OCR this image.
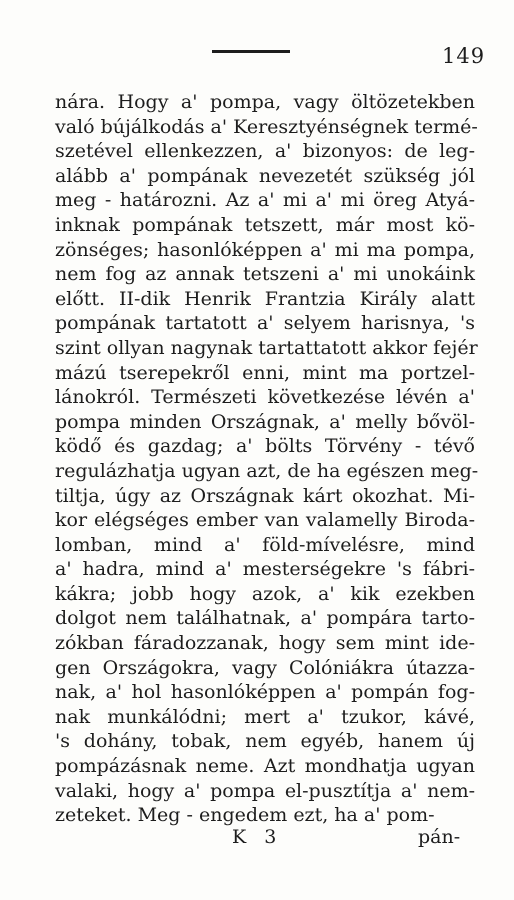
149
nára. Hogy a' pompa, vagy öltözetekben
való bújálkodás a' Keresztyénségnek termé-
szetével ellenkezzen, a' bizonyos: de leg-
alább a' pompának nevezetét szükség jól
meg - határozni. Az a' mi a' mi öreg Atyá-
inknak pompának tetszett, már most kö-
zönséges; hasonlóképpen a' mi ma pompa,
nem fog az annak tetszeni a' mi unokáink
előtt. II-dik Henrik Frantzia Király alatt
pompának tartatott a' selyem harisnya, 's
szint ollyan nagynak tartattatott akkor fejér
mázú tserepekről enni, mint ma portzel-
lánokról. Természeti következése lévén a'
pompa minden Országnak, a' melly bővöl-
ködő és gazdag; a' bölts Törvény - tévő
regulázhatja ugyan azt, de ha egészen meg-
tiltja, úgy az Országnak kárt okozhat. Mi-
kor elégséges ember van valamelly Biroda-
lomban, mind a' föld-mívelésre, mind
a' hadra, mind a' mesterségekre 's fábri-
kákra; jobb hogy azok, a' kik ezekben
dolgot nem találhatnak, a' pompára tarto-
zókban fáradozzanak, hogy sem mint ide-
gen Országokra, vagy Colóniákra útazza-
nak, a' hol hasonlóképpen a' pompán fog-
nak munkálódni; mert a' tzukor, kávé,
's dohány, tobak, nem egyéb, hanem új
pompázásnak neme. Azt mondhatja ugyan
valaki, hogy a' pompa el-pusztítja a' nem-
zeteket. Meg - engedem ezt, ha a' pom-
K 3	pán-
